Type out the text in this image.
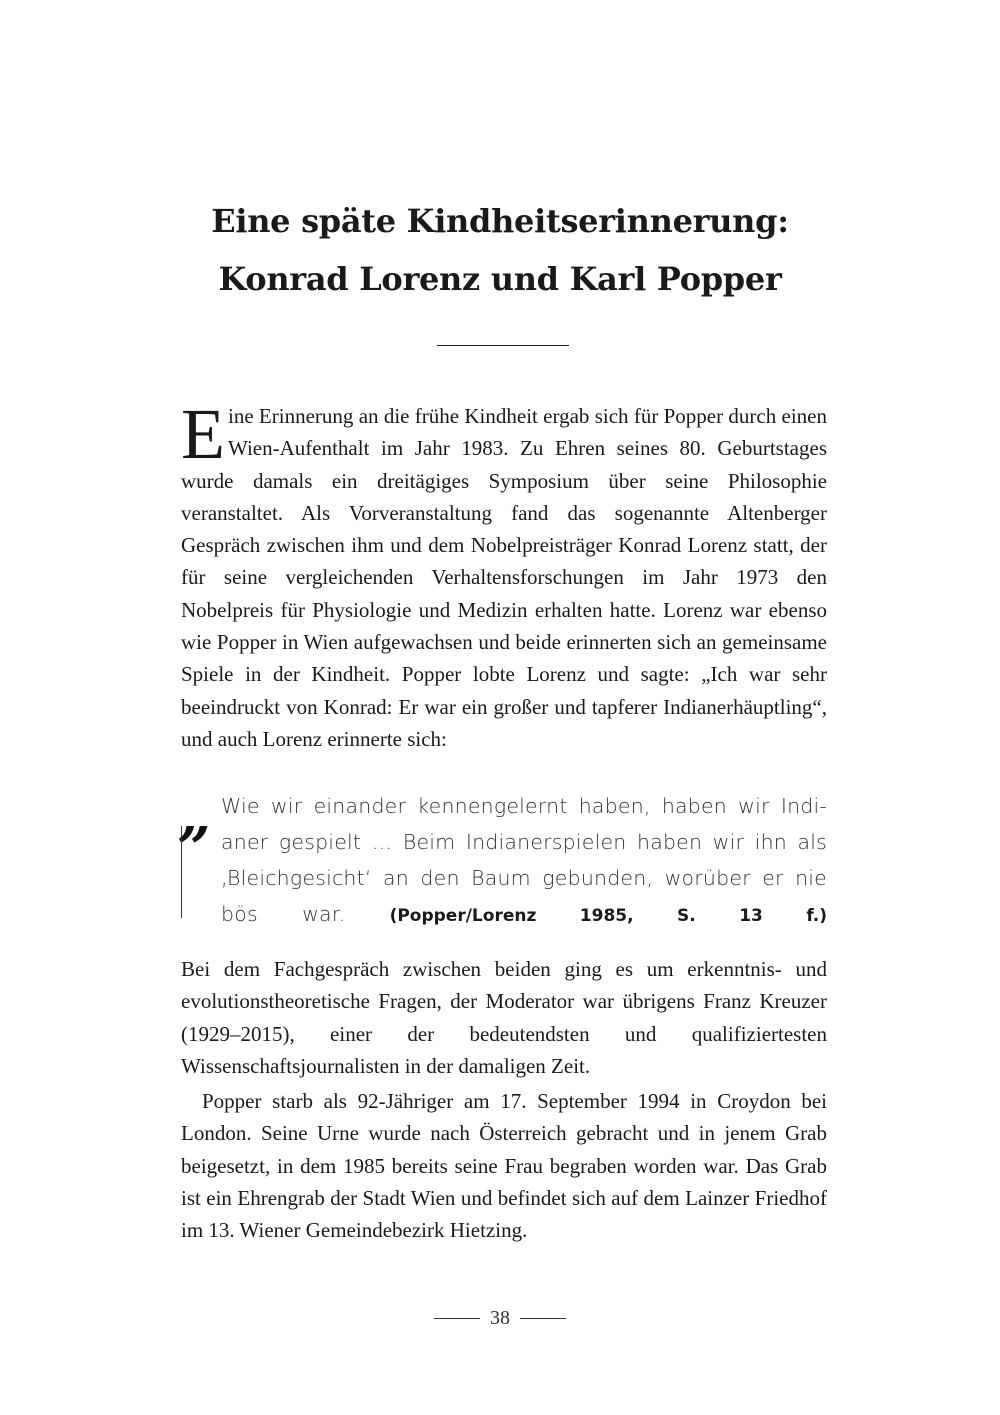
Eine späte Kindheitserinnerung:
Konrad Lorenz und Karl Popper

Eine Erinnerung an die frühe Kindheit ergab sich für Popper durch einen Wien-Aufenthalt im Jahr 1983. Zu Ehren seines 80. Geburtstages wurde damals ein dreitägiges Symposium über seine Philosophie veranstaltet. Als Vorveranstaltung fand das sogenannte Altenberger Gespräch zwischen ihm und dem Nobelpreisträger Konrad Lorenz statt, der für seine vergleichenden Verhaltensforschungen im Jahr 1973 den Nobelpreis für Physiologie und Medizin erhalten hatte. Lorenz war ebenso wie Popper in Wien aufgewachsen und beide erinnerten sich an gemeinsame Spiele in der Kindheit. Popper lobte Lorenz und sagte: „Ich war sehr beeindruckt von Konrad: Er war ein großer und tapferer Indianerhäuptling“, und auch Lorenz erinnerte sich:

„ Wie wir einander kennengelernt haben, haben wir Indi-
aner gespielt … Beim Indianerspielen haben wir ihn als
‚Bleichgesicht‘ an den Baum gebunden, worüber er nie
bös war.	(Popper/Lorenz 1985, S. 13 f.)

Bei dem Fachgespräch zwischen beiden ging es um erkenntnis- und evolutionstheoretische Fragen, der Moderator war übrigens Franz Kreuzer (1929–2015), einer der bedeutendsten und qualifiziertesten Wissenschaftsjournalisten in der damaligen Zeit.

Popper starb als 92-Jähriger am 17. September 1994 in Croydon bei London. Seine Urne wurde nach Österreich gebracht und in jenem Grab beigesetzt, in dem 1985 bereits seine Frau begraben worden war. Das Grab ist ein Ehrengrab der Stadt Wien und befindet sich auf dem Lainzer Friedhof im 13. Wiener Gemeindebezirk Hietzing.

38
